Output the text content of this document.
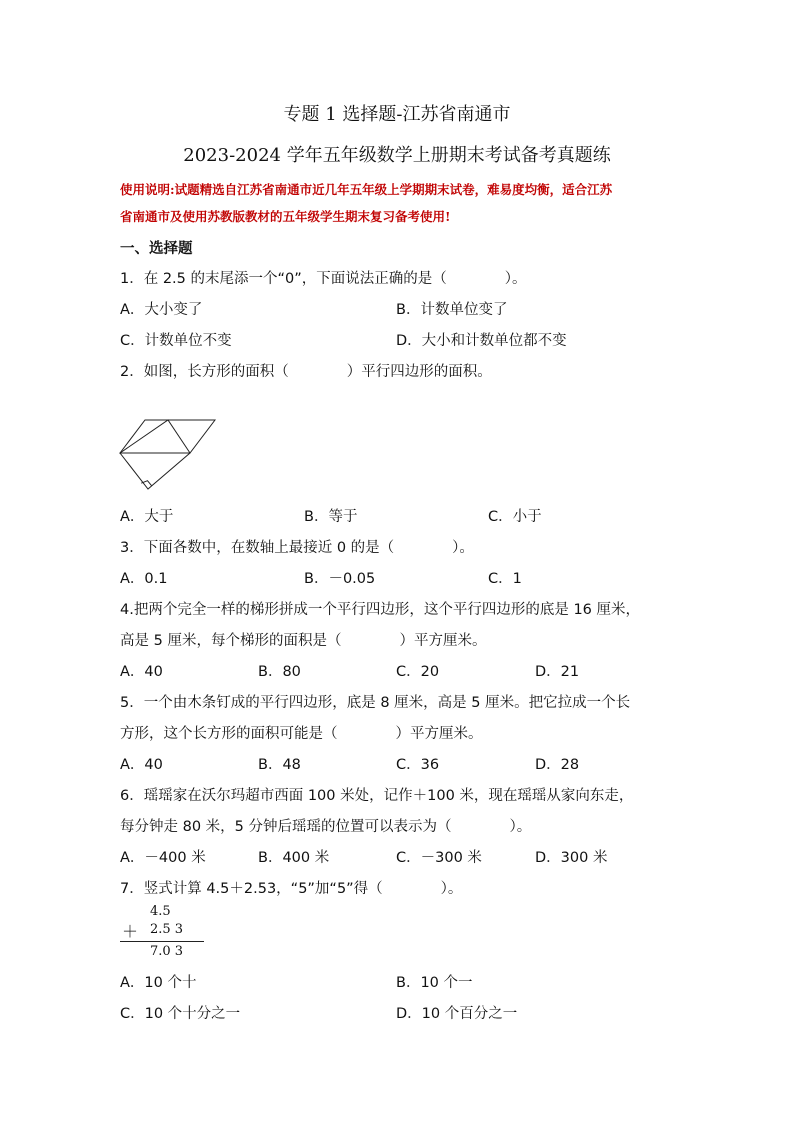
专题 1 选择题-江苏省南通市
2023-2024 学年五年级数学上册期末考试备考真题练
使用说明:试题精选自江苏省南通市近几年五年级上学期期末试卷，难易度均衡，适合江苏
省南通市及使用苏教版教材的五年级学生期末复习备考使用!
一、选择题
1．在 2.5 的末尾添一个“0”，下面说法正确的是（　　　　）。
A．大小变了	B．计数单位变了
C．计数单位不变	D．大小和计数单位都不变
2．如图，长方形的面积（　　　　）平行四边形的面积。
A．大于	B．等于	C．小于
3．下面各数中，在数轴上最接近 0 的是（　　　　）。
A．0.1	B．－0.05	C．1
4.把两个完全一样的梯形拼成一个平行四边形，这个平行四边形的底是 16 厘米，
高是 5 厘米，每个梯形的面积是（　　　　）平方厘米。
A．40	B．80	C．20	D．21
5．一个由木条钉成的平行四边形，底是 8 厘米，高是 5 厘米。把它拉成一个长
方形，这个长方形的面积可能是（　　　　）平方厘米。
A．40	B．48	C．36	D．28
6．瑶瑶家在沃尔玛超市西面 100 米处，记作＋100 米，现在瑶瑶从家向东走，
每分钟走 80 米，5 分钟后瑶瑶的位置可以表示为（　　　　）。
A．－400 米	B．400 米	C．－300 米	D．300 米
7．竖式计算 4.5＋2.53，“5”加“5”得（　　　　）。
4.5
＋ 2.5 3
7.0 3
A．10 个十	B．10 个一
C．10 个十分之一	D．10 个百分之一
